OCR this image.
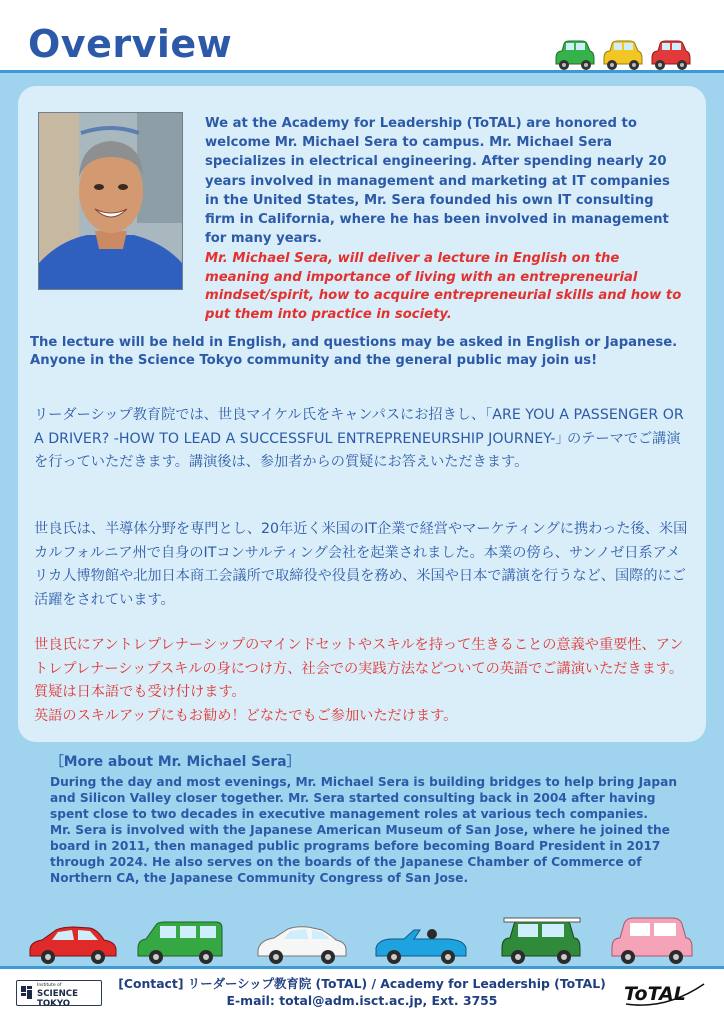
Overview

We at the Academy for Leadership (ToTAL) are honored to welcome Mr. Michael Sera to campus. Mr. Michael Sera specializes in electrical engineering. After spending nearly 20 years involved in management and marketing at IT companies in the United States, Mr. Sera founded his own IT consulting firm in California, where he has been involved in management for many years.

Mr. Michael Sera, will deliver a lecture in English on the meaning and importance of living with an entrepreneurial mindset/spirit, how to acquire entrepreneurial skills and how to put them into practice in society.

The lecture will be held in English, and questions may be asked in English or Japanese. Anyone in the Science Tokyo community and the general public may join us!

リーダーシップ教育院では、世良マイケル氏をキャンパスにお招きし、｢ARE YOU A PASSENGER OR A DRIVER? -HOW TO LEAD A SUCCESSFUL ENTREPRENEURSHIP JOURNEY-｣ のテーマでご講演を行っていただきます。講演後は、参加者からの質疑にお答えいただきます。

世良氏は、半導体分野を専門とし、20年近く米国のIT企業で経営やマーケティングに携わった後、米国カルフォルニア州で自身のITコンサルティング会社を起業されました。本業の傍ら、サンノゼ日系アメリカ人博物館や北加日本商工会議所で取締役や役員を務め、米国や日本で講演を行うなど、国際的にご活躍をされています。

世良氏にアントレプレナーシップのマインドセットやスキルを持って生きることの意義や重要性、アントレプレナーシップスキルの身につけ方、社会での実践方法などついての英語でご講演いただきます。質疑は日本語でも受け付けます。
英語のスキルアップにもお勧め！どなたでもご参加いただけます。
［More about Mr. Michael Sera］

During the day and most evenings, Mr. Michael Sera is building bridges to help bring Japan and Silicon Valley closer together. Mr. Sera started consulting back in 2004 after having spent close to two decades in executive management roles at various tech companies.

Mr. Sera is involved with the Japanese American Museum of San Jose, where he joined the board in 2011, then managed public programs before becoming Board President in 2017 through 2024. He also serves on the boards of the Japanese Chamber of Commerce of Northern CA, the Japanese Community Congress of San Jose.

Institute of
SCIENCE TOKYO
[Contact] リーダーシップ教育院 (ToTAL) / Academy for Leadership (ToTAL)
E-mail: total@adm.isct.ac.jp, Ext. 3755	ToTAL
